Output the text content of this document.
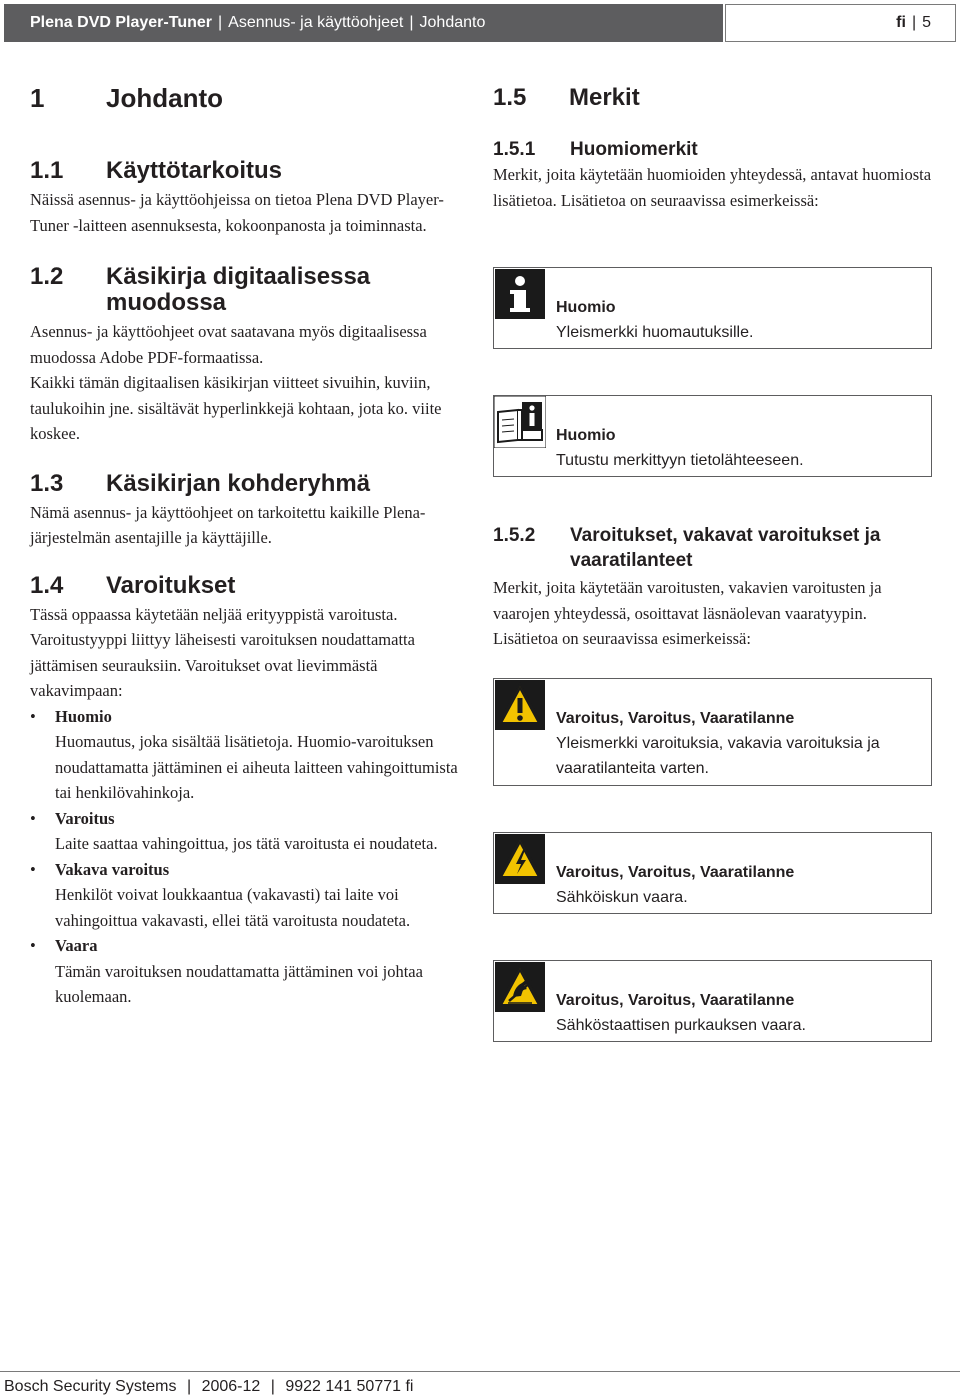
Plena DVD Player-Tuner | Asennus- ja käyttöohjeet | Johdanto	fi | 5
1	Johdanto
1.1	Käyttötarkoitus

Näissä asennus- ja käyttöohjeissa on tietoa Plena DVD Player-Tuner -laitteen asennuksesta, kokoonpanosta ja toiminnasta.

1.2	Käsikirja digitaalisessa muodossa

Asennus- ja käyttöohjeet ovat saatavana myös digitaalisessa muodossa Adobe PDF-formaatissa.

Kaikki tämän digitaalisen käsikirjan viitteet sivuihin, kuviin, taulukoihin jne. sisältävät hyperlinkkejä kohtaan, jota ko. viite koskee.

1.3	Käsikirjan kohderyhmä

Nämä asennus- ja käyttöohjeet on tarkoitettu kaikille Plena-järjestelmän asentajille ja käyttäjille.

1.4	Varoitukset

Tässä oppaassa käytetään neljää erityyppistä varoitusta. Varoitustyyppi liittyy läheisesti varoituksen noudattamatta jättämisen seurauksiin. Varoitukset ovat lievimmästä vakavimpaan:

• Huomio
Huomautus, joka sisältää lisätietoja. Huomio-varoituksen noudattamatta jättäminen ei aiheuta laitteen vahingoittumista tai henkilövahinkoja.
• Varoitus
Laite saattaa vahingoittua, jos tätä varoitusta ei noudateta.
• Vakava varoitus
Henkilöt voivat loukkaantua (vakavasti) tai laite voi vahingoittua vakavasti, ellei tätä varoitusta noudateta.
• Vaara
Tämän varoituksen noudattamatta jättäminen voi johtaa kuolemaan.
1.5	Merkit
1.5.1	Huomiomerkit

Merkit, joita käytetään huomioiden yhteydessä, antavat huomiosta lisätietoa. Lisätietoa on seuraavissa esimerkeissä:

Huomio
Yleismerkki huomautuksille.
Huomio
Tutustu merkittyyn tietolähteeseen.
1.5.2	Varoitukset, vakavat varoitukset ja vaaratilanteet

Merkit, joita käytetään varoitusten, vakavien varoitusten ja vaarojen yhteydessä, osoittavat läsnäolevan vaaratyypin. Lisätietoa on seuraavissa esimerkeissä:

Varoitus, Varoitus, Vaaratilanne
Yleismerkki varoituksia, vakavia varoituksia ja vaaratilanteita varten.
Varoitus, Varoitus, Vaaratilanne
Sähköiskun vaara.
Varoitus, Varoitus, Vaaratilanne
Sähköstaattisen purkauksen vaara.
Bosch Security Systems | 2006-12 | 9922 141 50771 fi
